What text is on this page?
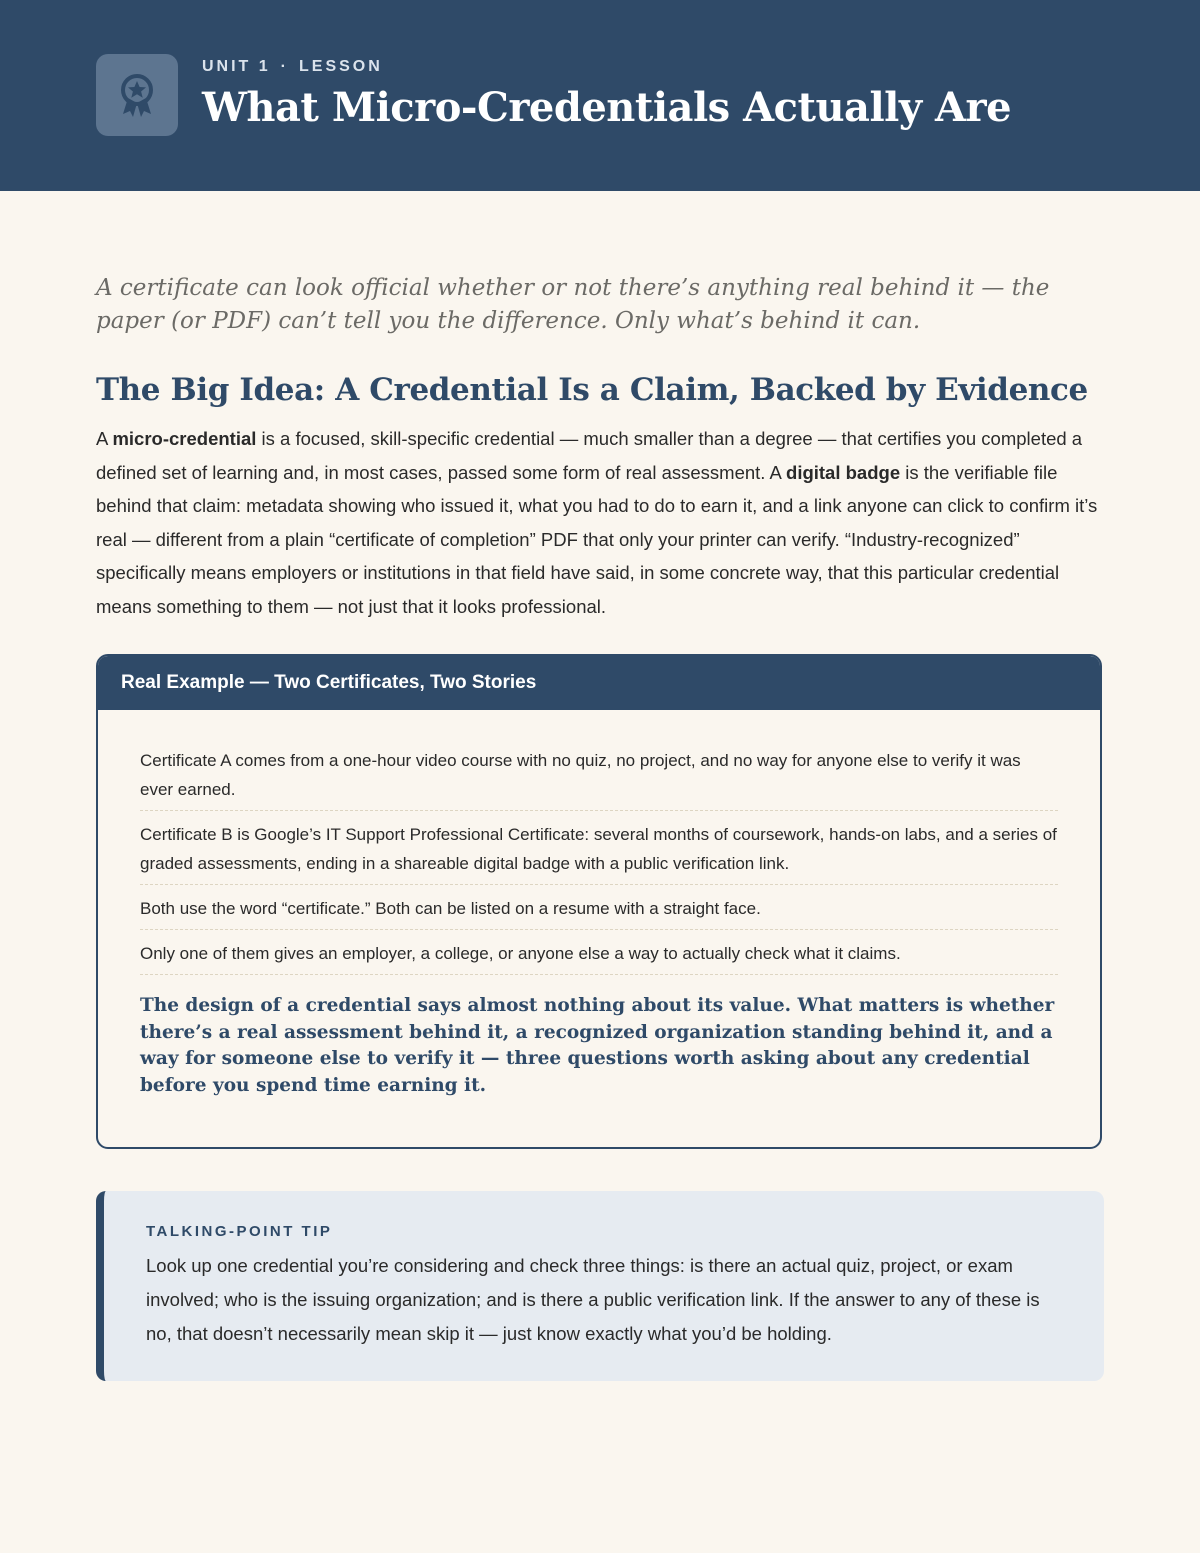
UNIT 1 · LESSON
What Micro-Credentials Actually Are

A certificate can look official whether or not there’s anything real behind it — the paper (or PDF) can’t tell you the difference. Only what’s behind it can.

The Big Idea: A Credential Is a Claim, Backed by Evidence

A micro-credential is a focused, skill-specific credential — much smaller than a degree — that certifies you completed a defined set of learning and, in most cases, passed some form of real assessment. A digital badge is the verifiable file behind that claim: metadata showing who issued it, what you had to do to earn it, and a link anyone can click to confirm it’s real — different from a plain “certificate of completion” PDF that only your printer can verify. “Industry-recognized” specifically means employers or institutions in that field have said, in some concrete way, that this particular credential means something to them — not just that it looks professional.

Real Example — Two Certificates, Two Stories
Certificate A comes from a one-hour video course with no quiz, no project, and no way for anyone else to verify it was ever earned.
Certificate B is Google’s IT Support Professional Certificate: several months of coursework, hands-on labs, and a series of graded assessments, ending in a shareable digital badge with a public verification link.
Both use the word “certificate.” Both can be listed on a resume with a straight face.
Only one of them gives an employer, a college, or anyone else a way to actually check what it claims.

The design of a credential says almost nothing about its value. What matters is whether there’s a real assessment behind it, a recognized organization standing behind it, and a way for someone else to verify it — three questions worth asking about any credential before you spend time earning it.

TALKING-POINT TIP

Look up one credential you’re considering and check three things: is there an actual quiz, project, or exam involved; who is the issuing organization; and is there a public verification link. If the answer to any of these is no, that doesn’t necessarily mean skip it — just know exactly what you’d be holding.
